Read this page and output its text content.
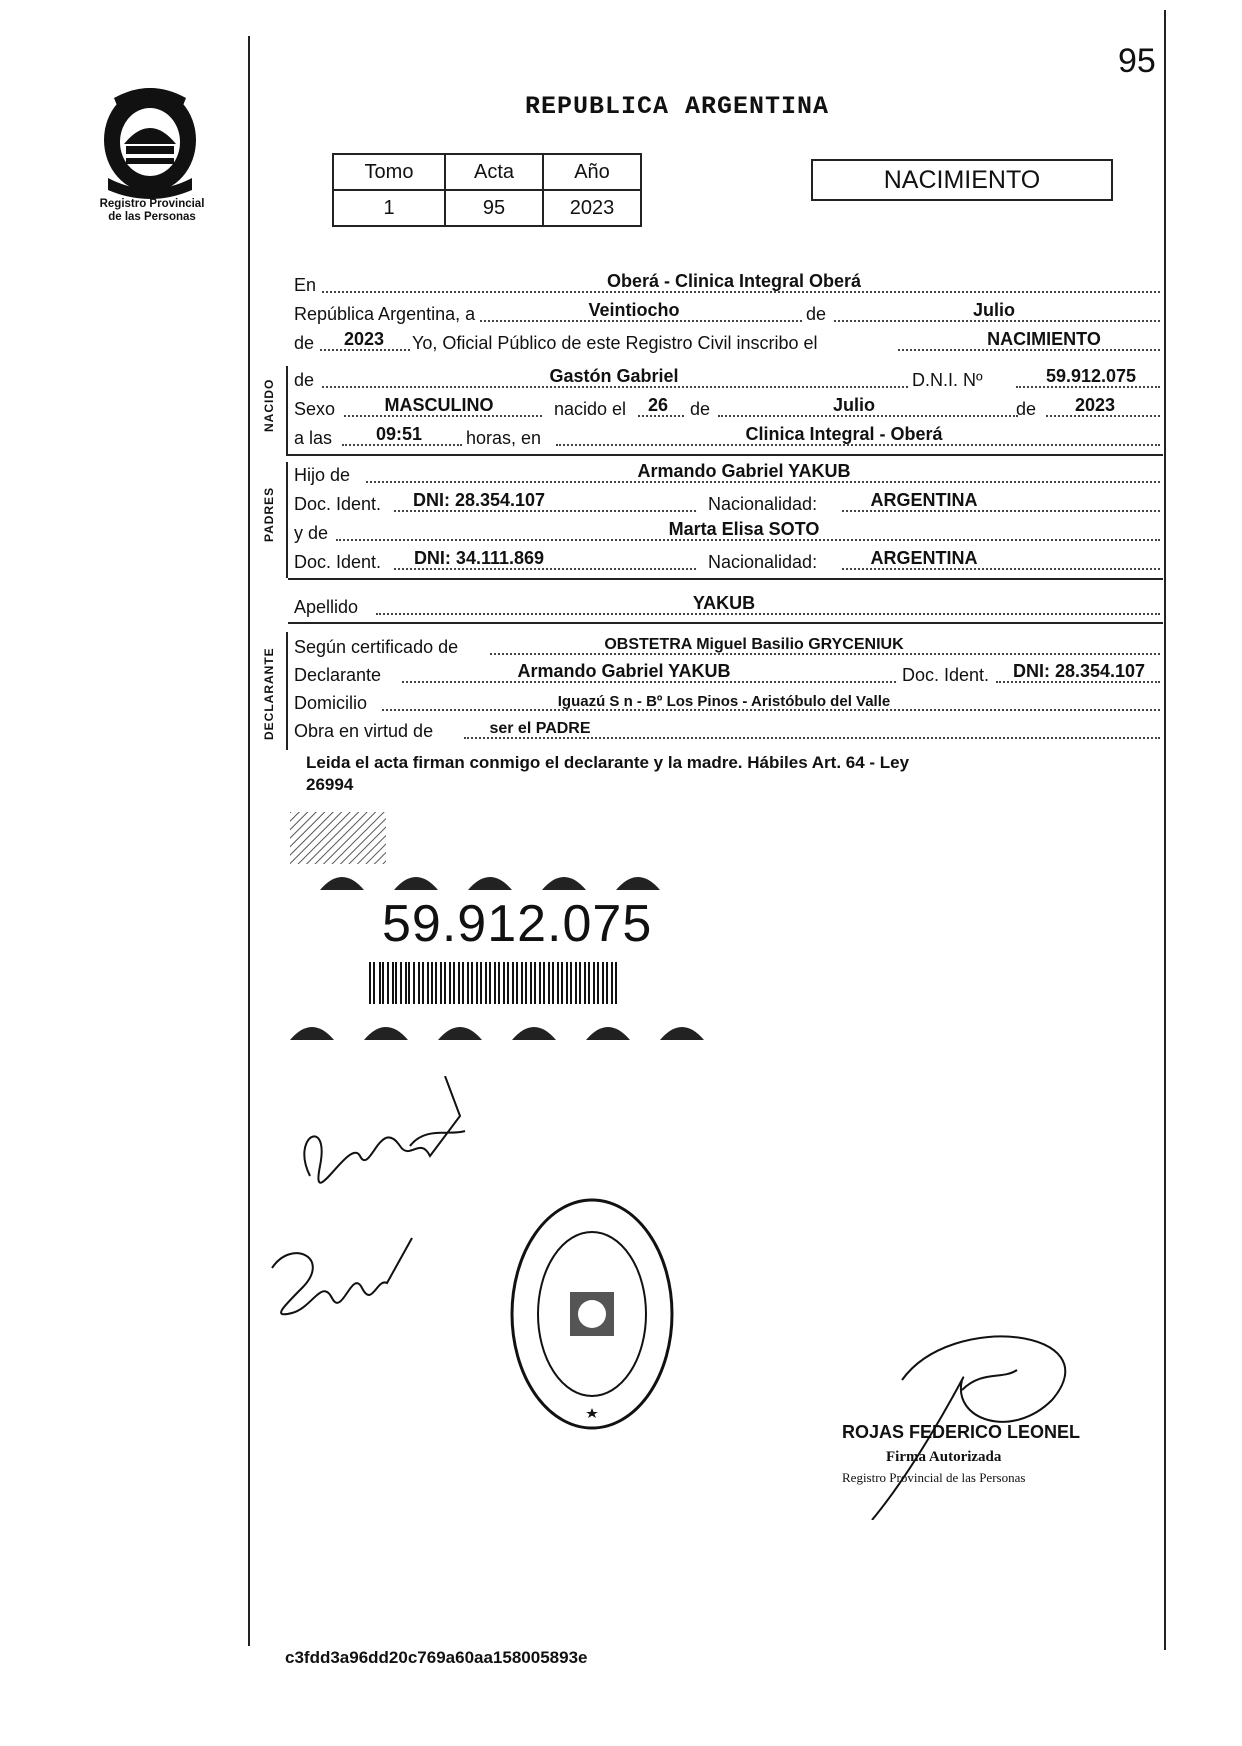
95
Registro Provincial
de las Personas
REPUBLICA ARGENTINA
Tomo	Acta	Año
1	95	2023
NACIMIENTO
En	Oberá - Clinica Integral Oberá
República Argentina, a	Veintiocho	de	Julio
de	2023	Yo, Oficial Público de este Registro Civil inscribo el	NACIMIENTO
NACIDO de	Gastón Gabriel	D.N.I. Nº	59.912.075
Sexo	MASCULINO	nacido el	26	de	Julio	de	2023
a las	09:51	horas, en	Clinica Integral - Oberá
PADRES
Hijo de	Armando Gabriel YAKUB
Doc. Ident.	DNI: 28.354.107	Nacionalidad:	ARGENTINA
y de	Marta Elisa SOTO
Doc. Ident.	DNI: 34.111.869	Nacionalidad:	ARGENTINA
Apellido	YAKUB
DECLARANTE
Según certificado de	OBSTETRA Miguel Basilio GRYCENIUK
Declarante	Armando Gabriel YAKUB	Doc. Ident.	DNI: 28.354.107
Domicilio	Iguazú S n - Bº Los Pinos - Aristóbulo del Valle
Obra en virtud de	ser el PADRE
Leida el acta firman conmigo el declarante y la madre. Hábiles Art. 64 - Ley
26994
59.912.075
ROJAS FEDERICO LEONEL
Firma Autorizada
Registro Provincial de las Personas
c3fdd3a96dd20c769a60aa158005893e
